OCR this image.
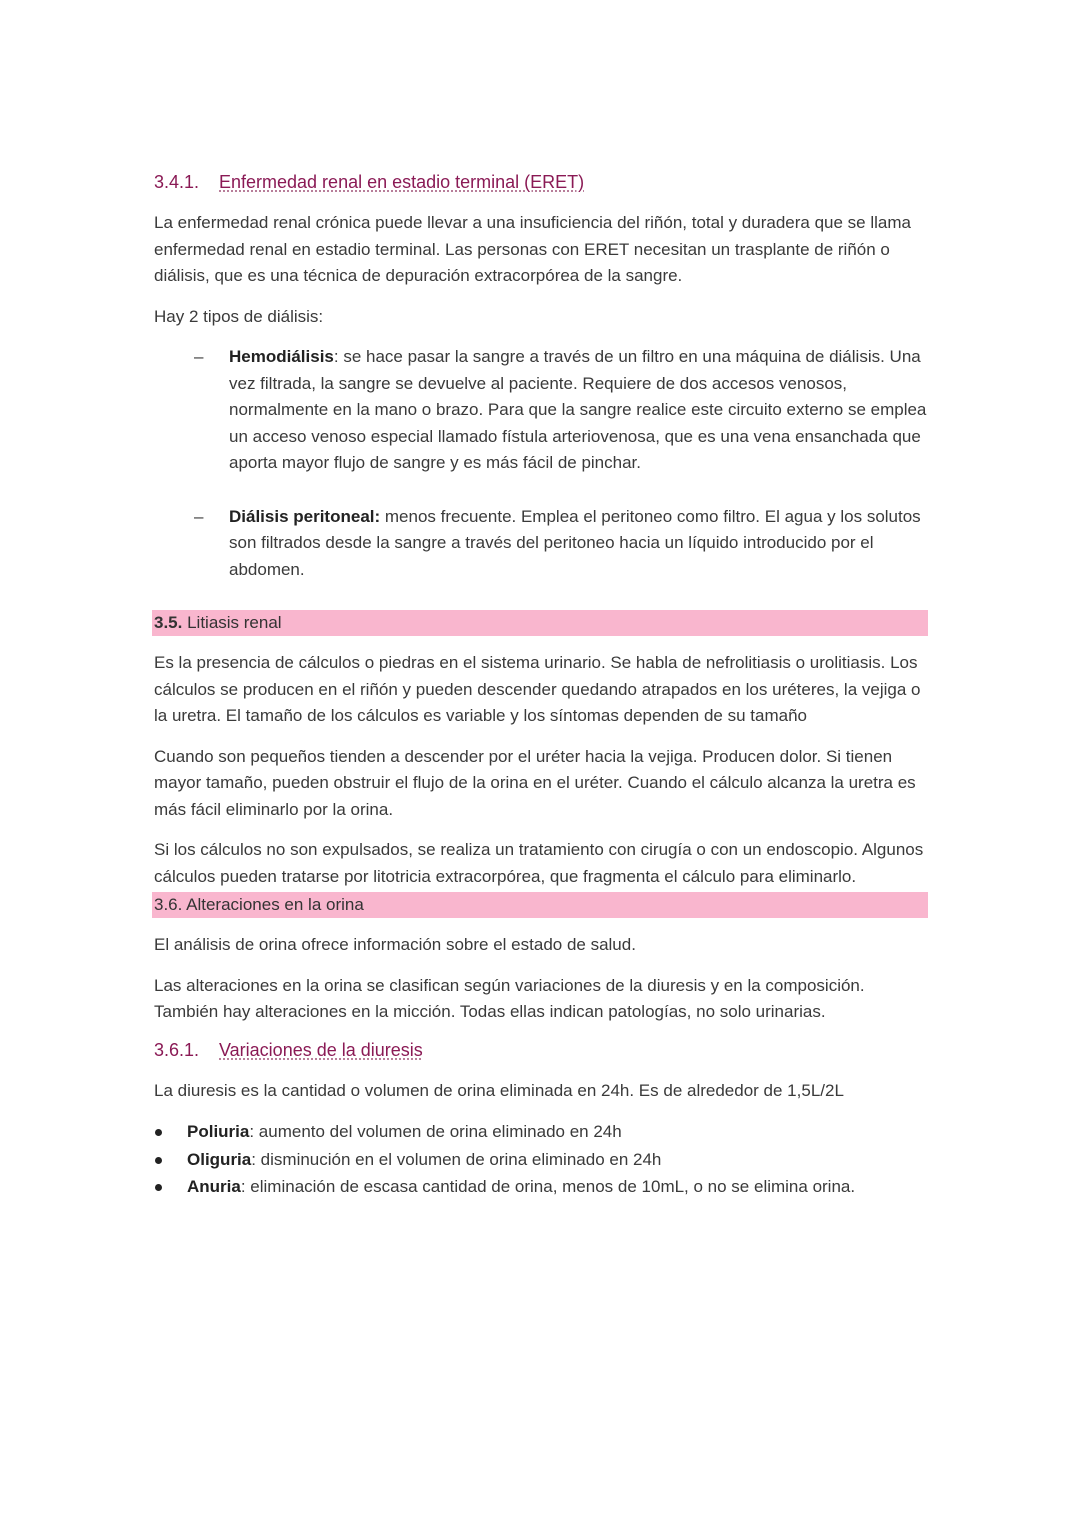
3.4.1.	Enfermedad renal en estadio terminal (ERET)

La enfermedad renal crónica puede llevar a una insuficiencia del riñón, total y duradera que se llama enfermedad renal en estadio terminal. Las personas con ERET necesitan un trasplante de riñón o diálisis, que es una técnica de depuración extracorpórea de la sangre.

Hay 2 tipos de diálisis:

– Hemodiálisis: se hace pasar la sangre a través de un filtro en una máquina de diálisis. Una vez filtrada, la sangre se devuelve al paciente. Requiere de dos accesos venosos, normalmente en la mano o brazo. Para que la sangre realice este circuito externo se emplea un acceso venoso especial llamado fístula arteriovenosa, que es una vena ensanchada que aporta mayor flujo de sangre y es más fácil de pinchar.
– Diálisis peritoneal: menos frecuente. Emplea el peritoneo como filtro. El agua y los solutos son filtrados desde la sangre a través del peritoneo hacia un líquido introducido por el abdomen.
3.5. Litiasis renal

Es la presencia de cálculos o piedras en el sistema urinario. Se habla de nefrolitiasis o urolitiasis. Los cálculos se producen en el riñón y pueden descender quedando atrapados en los uréteres, la vejiga o la uretra. El tamaño de los cálculos es variable y los síntomas dependen de su tamaño

Cuando son pequeños tienden a descender por el uréter hacia la vejiga. Producen dolor. Si tienen mayor tamaño, pueden obstruir el flujo de la orina en el uréter. Cuando el cálculo alcanza la uretra es más fácil eliminarlo por la orina.

Si los cálculos no son expulsados, se realiza un tratamiento con cirugía o con un endoscopio. Algunos cálculos pueden tratarse por litotricia extracorpórea, que fragmenta el cálculo para eliminarlo.

3.6. Alteraciones en la orina

El análisis de orina ofrece información sobre el estado de salud.

Las alteraciones en la orina se clasifican según variaciones de la diuresis y en la composición. También hay alteraciones en la micción. Todas ellas indican patologías, no solo urinarias.

3.6.1.	Variaciones de la diuresis

La diuresis es la cantidad o volumen de orina eliminada en 24h. Es de alrededor de 1,5L/2L

Poliuria: aumento del volumen de orina eliminado en 24h
Oliguria: disminución en el volumen de orina eliminado en 24h
Anuria: eliminación de escasa cantidad de orina, menos de 10mL, o no se elimina orina.
